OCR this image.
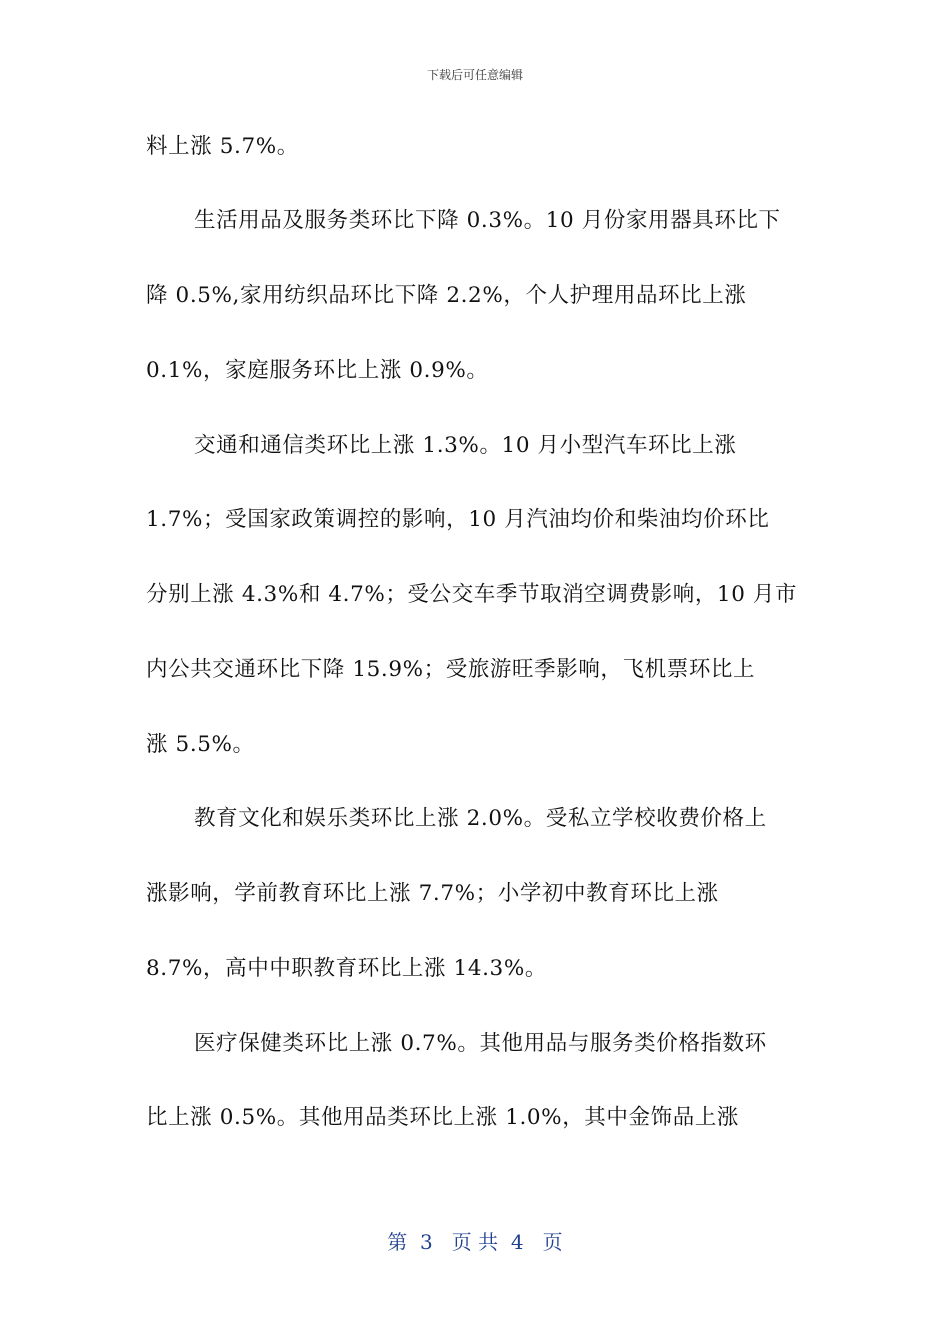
下载后可任意编辑
料上涨 5.7%。
生活用品及服务类环比下降 0.3%。10 月份家用器具环比下
降 0.5%,家用纺织品环比下降 2.2%，个人护理用品环比上涨
0.1%，家庭服务环比上涨 0.9%。
交通和通信类环比上涨 1.3%。10 月小型汽车环比上涨
1.7%；受国家政策调控的影响，10 月汽油均价和柴油均价环比
分别上涨 4.3%和 4.7%；受公交车季节取消空调费影响，10 月市
内公共交通环比下降 15.9%；受旅游旺季影响，飞机票环比上
涨 5.5%。
教育文化和娱乐类环比上涨 2.0%。受私立学校收费价格上
涨影响，学前教育环比上涨 7.7%；小学初中教育环比上涨
8.7%，高中中职教育环比上涨 14.3%。
医疗保健类环比上涨 0.7%。其他用品与服务类价格指数环
比上涨 0.5%。其他用品类环比上涨 1.0%，其中金饰品上涨
第  3   页 共  4   页
